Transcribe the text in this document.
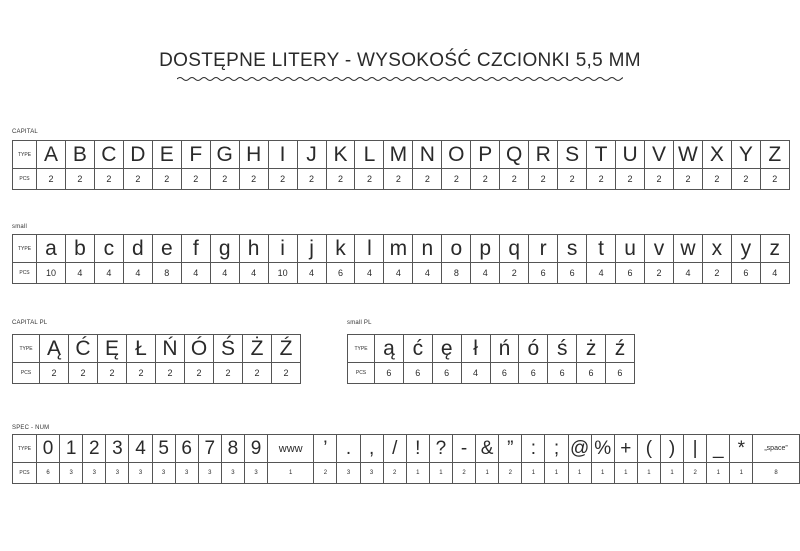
DOSTĘPNE LITERY - WYSOKOŚĆ CZCIONKI 5,5 MM
CAPITAL
TYPE	A	B	C	D	E	F	G	H	I	J	K	L	M	N	O	P	Q	R	S	T	U	V	W	X	Y	Z
PCS	2	2	2	2	2	2	2	2	2	2	2	2	2	2	2	2	2	2	2	2	2	2	2	2	2	2
small
TYPE	a	b	c	d	e	f	g	h	i	j	k	l	m	n	o	p	q	r	s	t	u	v	w	x	y	z
PCS	10	4	4	4	8	4	4	4	10	4	6	4	4	4	8	4	2	6	6	4	6	2	4	2	6	4
CAPITAL PL
TYPE	Ą	Ć	Ę	Ł	Ń	Ó	Ś	Ż	Ź
PCS	2	2	2	2	2	2	2	2	2
small PL
TYPE	ą	ć	ę	ł	ń	ó	ś	ż	ź
PCS	6	6	6	4	6	6	6	6	6
SPEC - NUM
TYPE	0	1	2	3	4	5	6	7	8	9	www	’	.	,	/	!	?	-	&	”	:	;	@	%	+	(	)	|	_	*	„space”
PCS	6	3	3	3	3	3	3	3	3	3	1	2	3	3	2	1	1	2	1	2	1	1	1	1	1	1	1	2	1	1	8
